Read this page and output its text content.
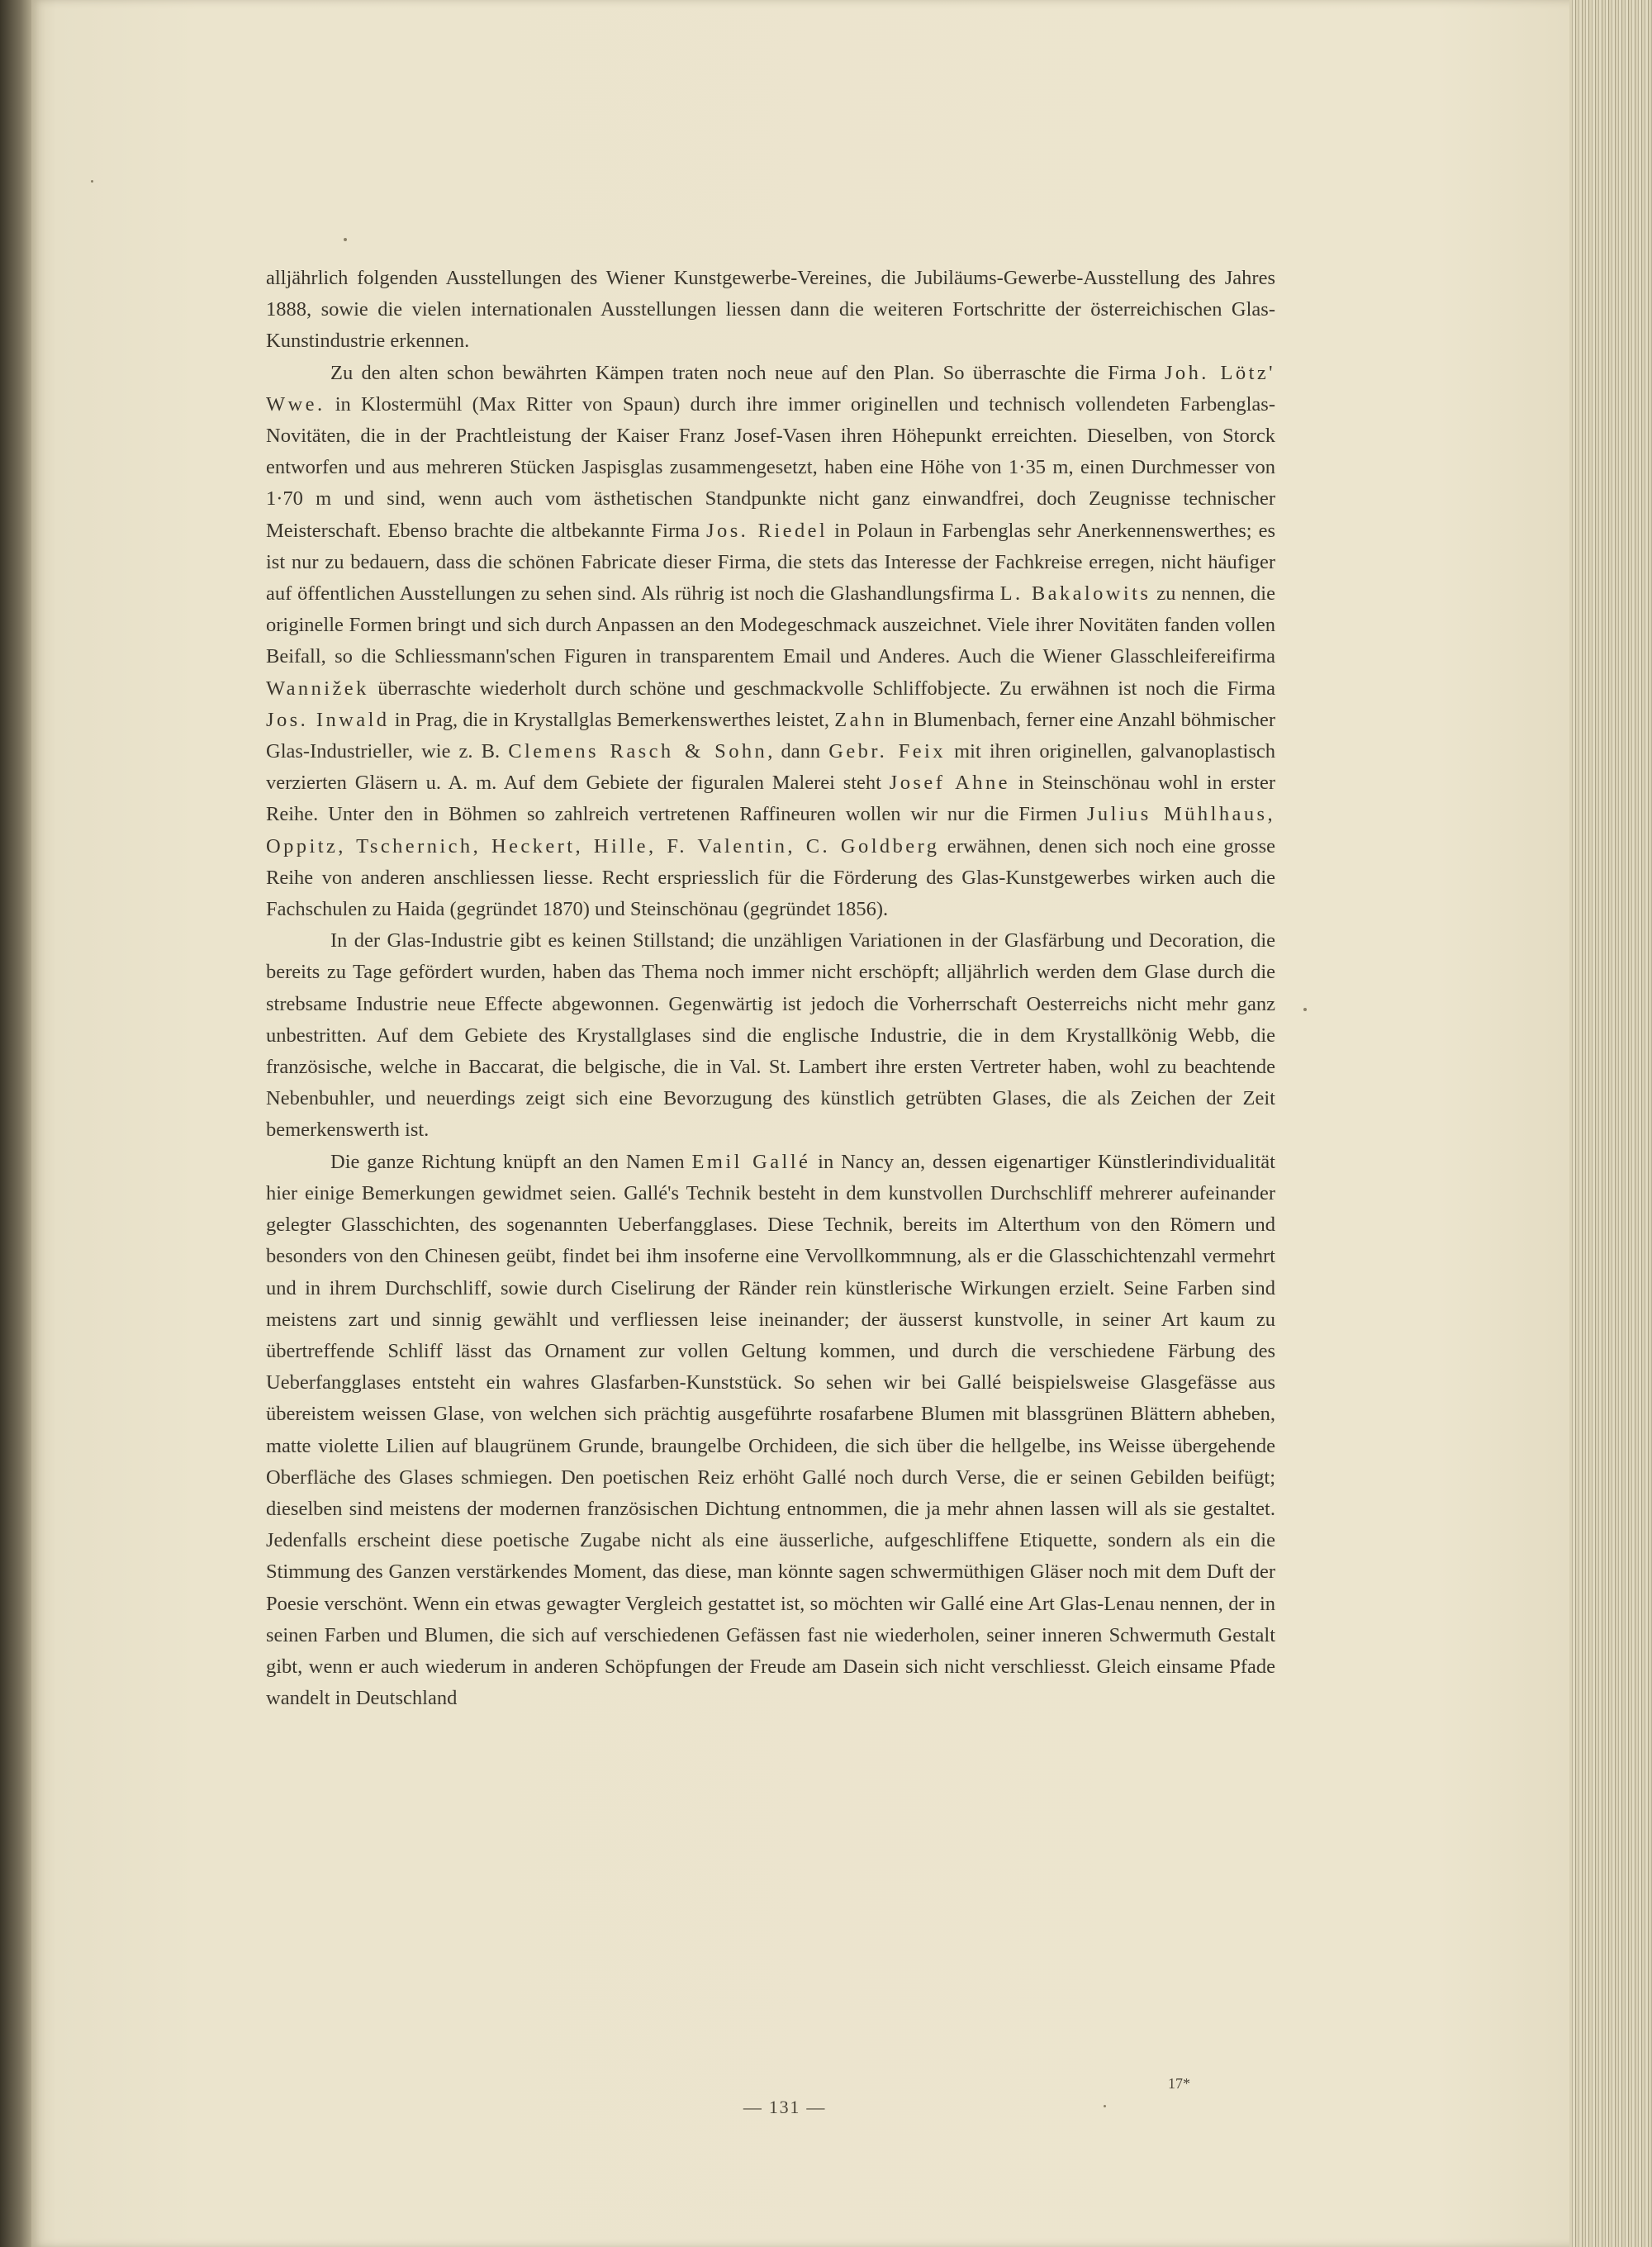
alljährlich folgenden Ausstellungen des Wiener Kunstgewerbe-Vereines, die Jubiläums-Gewerbe-Ausstellung des Jahres 1888, sowie die vielen internationalen Ausstellungen liessen dann die weiteren Fortschritte der österreichischen Glas-Kunstindustrie erkennen.

Zu den alten schon bewährten Kämpen traten noch neue auf den Plan. So überraschte die Firma Joh. Lötz' Wwe. in Klostermühl (Max Ritter von Spaun) durch ihre immer originellen und technisch vollendeten Farbenglas-Novitäten, die in der Prachtleistung der Kaiser Franz Josef-Vasen ihren Höhepunkt erreichten. Dieselben, von Storck entworfen und aus mehreren Stücken Jaspisglas zusammengesetzt, haben eine Höhe von 1·35 m, einen Durchmesser von 1·70 m und sind, wenn auch vom ästhetischen Standpunkte nicht ganz einwandfrei, doch Zeugnisse technischer Meisterschaft. Ebenso brachte die altbekannte Firma Jos. Riedel in Polaun in Farbenglas sehr Anerkennenswerthes; es ist nur zu bedauern, dass die schönen Fabricate dieser Firma, die stets das Interesse der Fachkreise erregen, nicht häufiger auf öffentlichen Ausstellungen zu sehen sind. Als rührig ist noch die Glashandlungsfirma L. Bakalowits zu nennen, die originelle Formen bringt und sich durch Anpassen an den Modegeschmack auszeichnet. Viele ihrer Novitäten fanden vollen Beifall, so die Schliessmann'schen Figuren in transparentem Email und Anderes. Auch die Wiener Glasschleifereifirma Wannižek überraschte wiederholt durch schöne und geschmackvolle Schliffobjecte. Zu erwähnen ist noch die Firma Jos. Inwald in Prag, die in Krystallglas Bemerkenswerthes leistet, Zahn in Blumenbach, ferner eine Anzahl böhmischer Glas-Industrieller, wie z. B. Clemens Rasch & Sohn, dann Gebr. Feix mit ihren originellen, galvanoplastisch verzierten Gläsern u. A. m. Auf dem Gebiete der figuralen Malerei steht Josef Ahne in Steinschönau wohl in erster Reihe. Unter den in Böhmen so zahlreich vertretenen Raffineuren wollen wir nur die Firmen Julius Mühlhaus, Oppitz, Tschernich, Heckert, Hille, F. Valentin, C. Goldberg erwähnen, denen sich noch eine grosse Reihe von anderen anschliessen liesse. Recht erspriesslich für die Förderung des Glas-Kunstgewerbes wirken auch die Fachschulen zu Haida (gegründet 1870) und Steinschönau (gegründet 1856).

In der Glas-Industrie gibt es keinen Stillstand; die unzähligen Variationen in der Glasfärbung und Decoration, die bereits zu Tage gefördert wurden, haben das Thema noch immer nicht erschöpft; alljährlich werden dem Glase durch die strebsame Industrie neue Effecte abgewonnen. Gegenwärtig ist jedoch die Vorherrschaft Oesterreichs nicht mehr ganz unbestritten. Auf dem Gebiete des Krystallglases sind die englische Industrie, die in dem Krystallkönig Webb, die französische, welche in Baccarat, die belgische, die in Val. St. Lambert ihre ersten Vertreter haben, wohl zu beachtende Nebenbuhler, und neuerdings zeigt sich eine Bevorzugung des künstlich getrübten Glases, die als Zeichen der Zeit bemerkenswerth ist.

Die ganze Richtung knüpft an den Namen Emil Gallé in Nancy an, dessen eigenartiger Künstlerindividualität hier einige Bemerkungen gewidmet seien. Gallé's Technik besteht in dem kunstvollen Durchschliff mehrerer aufeinander gelegter Glasschichten, des sogenannten Ueberfangglases. Diese Technik, bereits im Alterthum von den Römern und besonders von den Chinesen geübt, findet bei ihm insoferne eine Vervollkommnung, als er die Glasschichtenzahl vermehrt und in ihrem Durchschliff, sowie durch Ciselirung der Ränder rein künstlerische Wirkungen erzielt. Seine Farben sind meistens zart und sinnig gewählt und verfliessen leise ineinander; der äusserst kunstvolle, in seiner Art kaum zu übertreffende Schliff lässt das Ornament zur vollen Geltung kommen, und durch die verschiedene Färbung des Ueberfangglases entsteht ein wahres Glasfarben-Kunststück. So sehen wir bei Gallé beispielsweise Glasgefässe aus übereistem weissen Glase, von welchen sich prächtig ausgeführte rosafarbene Blumen mit blassgrünen Blättern abheben, matte violette Lilien auf blaugrünem Grunde, braungelbe Orchideen, die sich über die hellgelbe, ins Weisse übergehende Oberfläche des Glases schmiegen. Den poetischen Reiz erhöht Gallé noch durch Verse, die er seinen Gebilden beifügt; dieselben sind meistens der modernen französischen Dichtung entnommen, die ja mehr ahnen lassen will als sie gestaltet. Jedenfalls erscheint diese poetische Zugabe nicht als eine äusserliche, aufgeschliffene Etiquette, sondern als ein die Stimmung des Ganzen verstärkendes Moment, das diese, man könnte sagen schwermüthigen Gläser noch mit dem Duft der Poesie verschönt. Wenn ein etwas gewagter Vergleich gestattet ist, so möchten wir Gallé eine Art Glas-Lenau nennen, der in seinen Farben und Blumen, die sich auf verschiedenen Gefässen fast nie wiederholen, seiner inneren Schwermuth Gestalt gibt, wenn er auch wiederum in anderen Schöpfungen der Freude am Dasein sich nicht verschliesst. Gleich einsame Pfade wandelt in Deutschland

— 131 —
17*
